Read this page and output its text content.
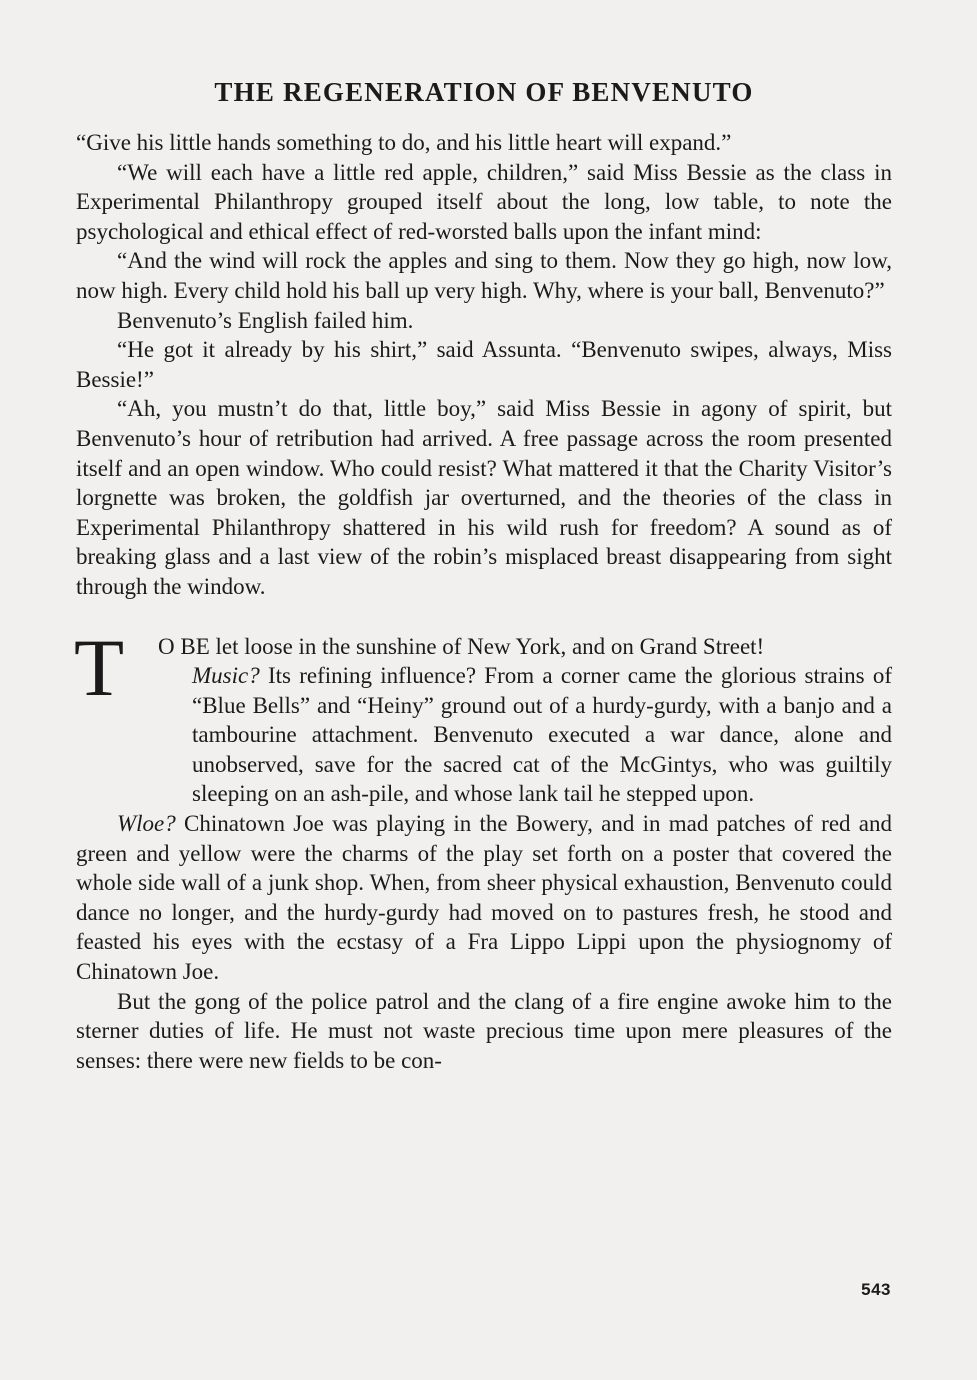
THE REGENERATION OF BENVENUTO

“Give his little hands something to do, and his little heart will expand.”

“We will each have a little red apple, children,” said Miss Bessie as the class in Experimental Philanthropy grouped itself about the long, low table, to note the psychological and ethical effect of red-worsted balls upon the infant mind:

“And the wind will rock the apples and sing to them. Now they go high, now low, now high. Every child hold his ball up very high. Why, where is your ball, Benvenuto?”

Benvenuto’s English failed him.

“He got it already by his shirt,” said Assunta. “Benvenuto swipes, always, Miss Bessie!”

“Ah, you mustn’t do that, little boy,” said Miss Bessie in agony of spirit, but Benvenuto’s hour of retribution had arrived. A free passage across the room presented itself and an open window. Who could resist? What mattered it that the Charity Visitor’s lorgnette was broken, the goldfish jar overturned, and the theories of the class in Experimental Philanthropy shattered in his wild rush for freedom? A sound as of breaking glass and a last view of the robin’s misplaced breast disappearing from sight through the window.

T	O BE let loose in the sunshine of New York, and on Grand Street!

Music? Its refining influence? From a corner came the glorious strains of “Blue Bells” and “Heiny” ground out of a hurdy-gurdy, with a banjo and a tambourine attachment. Benvenuto executed a war dance, alone and unobserved, save for the sacred cat of the McGintys, who was guiltily sleeping on an ash-pile, and whose lank tail he stepped upon.

Wloe? Chinatown Joe was playing in the Bowery, and in mad patches of red and green and yellow were the charms of the play set forth on a poster that covered the whole side wall of a junk shop. When, from sheer physical exhaustion, Benvenuto could dance no longer, and the hurdy-gurdy had moved on to pastures fresh, he stood and feasted his eyes with the ecstasy of a Fra Lippo Lippi upon the physiognomy of Chinatown Joe.

But the gong of the police patrol and the clang of a fire engine awoke him to the sterner duties of life. He must not waste precious time upon mere pleasures of the senses: there were new fields to be con-

543
